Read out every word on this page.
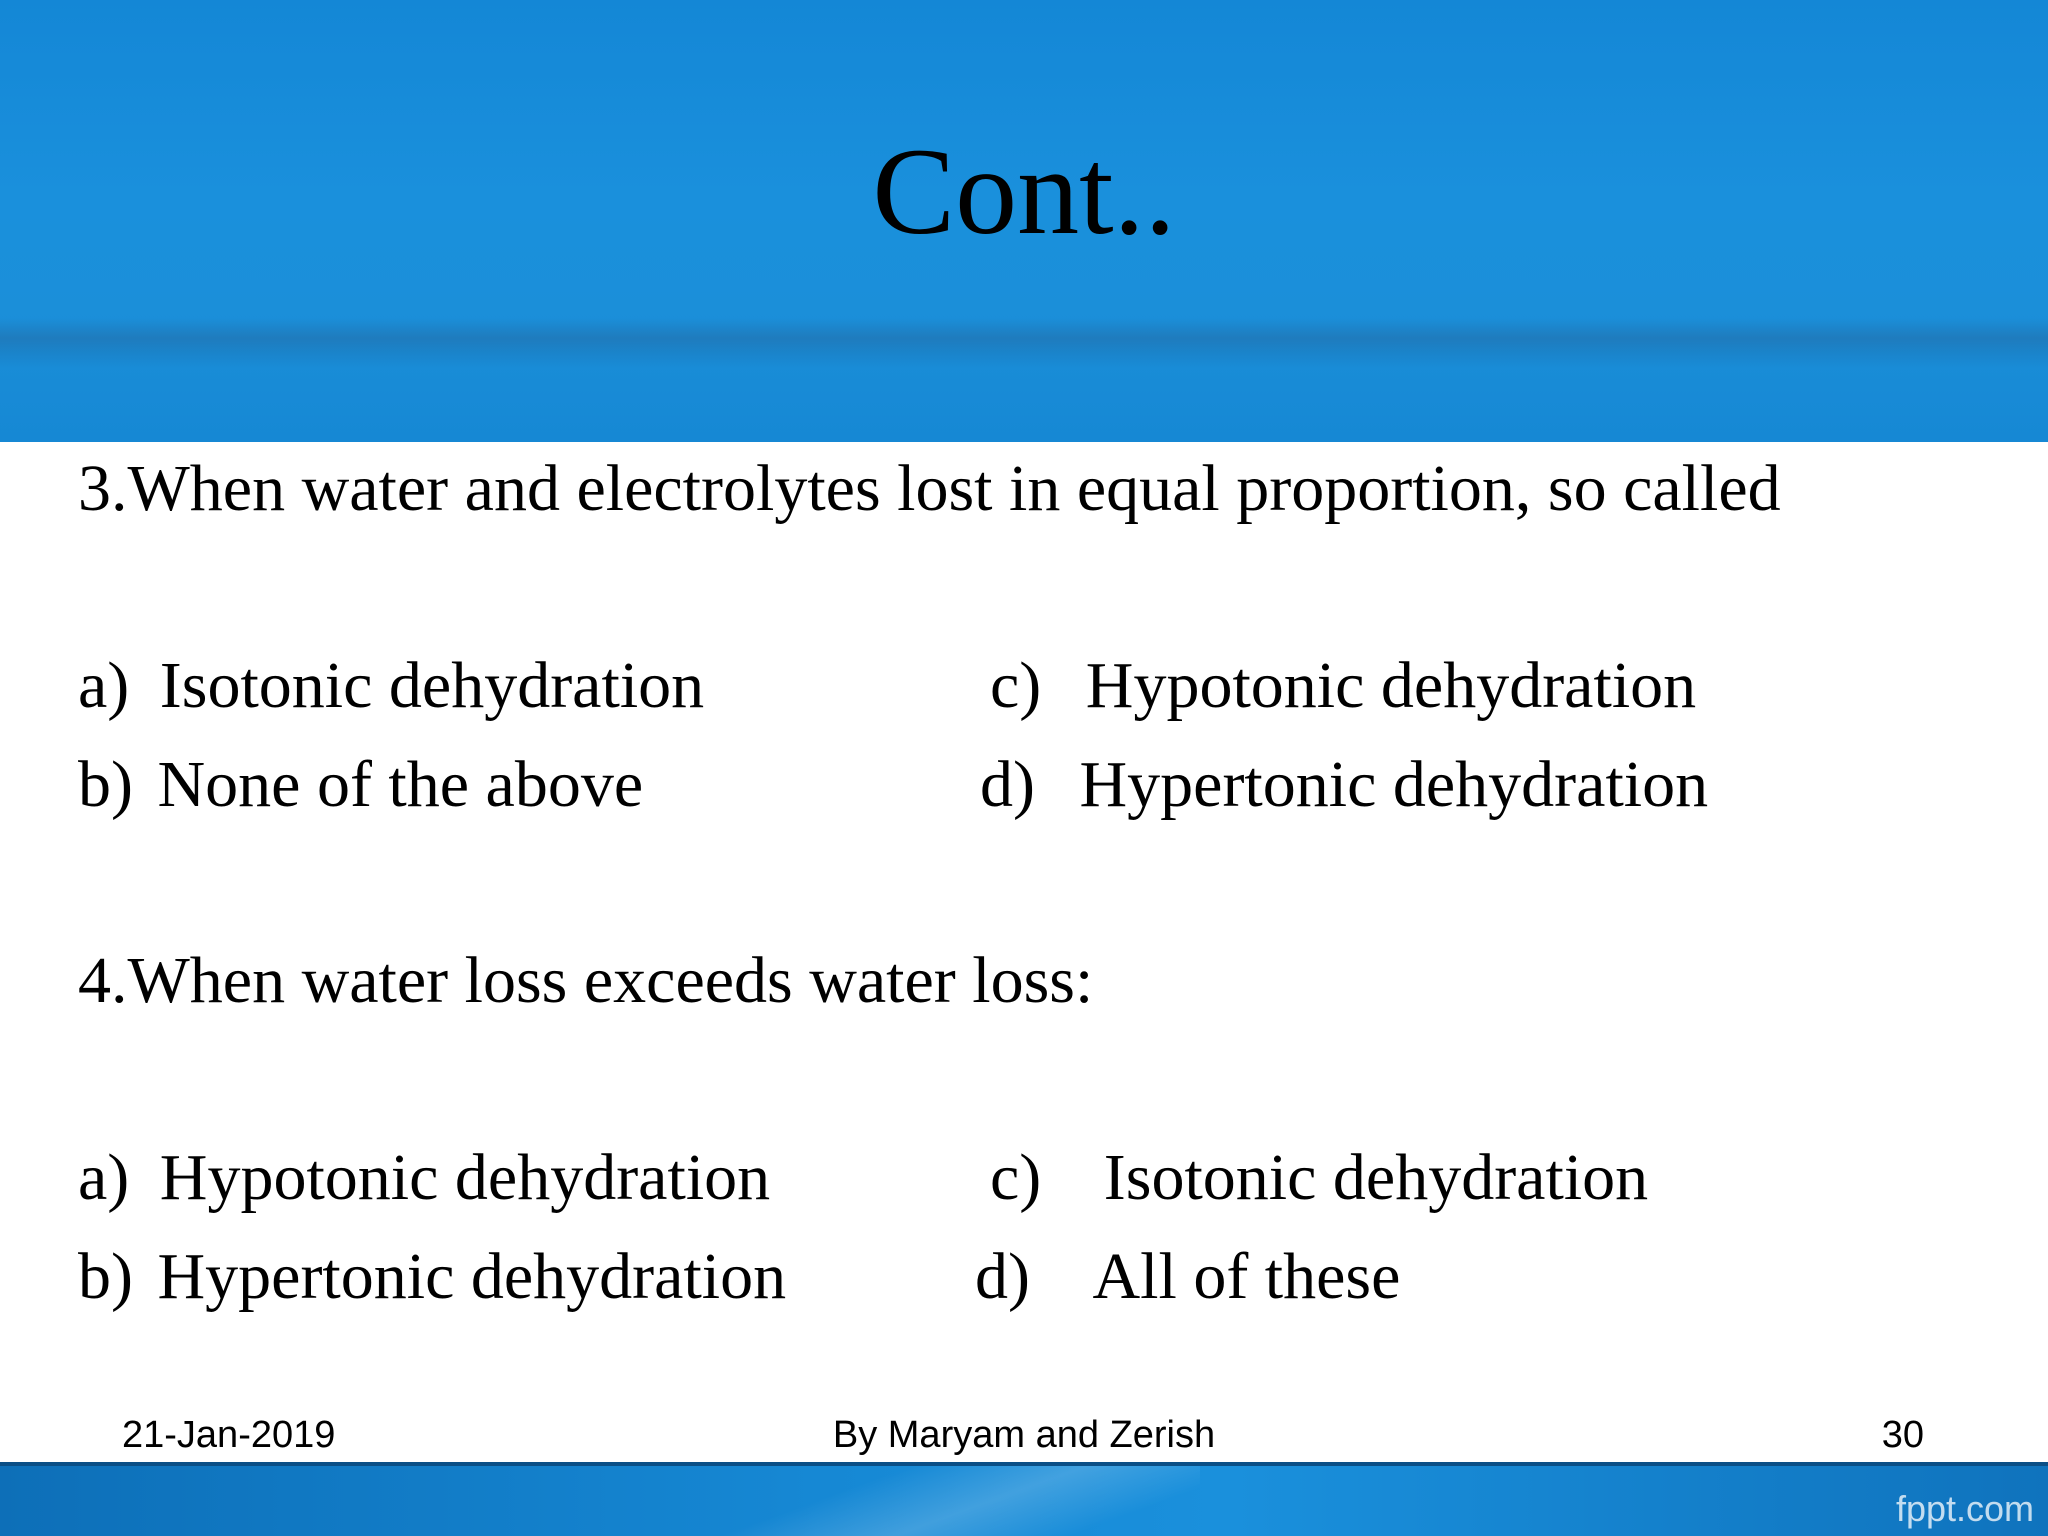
Cont..
3.When water and electrolytes lost in equal proportion, so called
a) Isotonic dehydration
b) None of the above
c) Hypotonic dehydration
d) Hypertonic dehydration
4.When water loss exceeds water loss:
a) Hypotonic dehydration
b) Hypertonic dehydration
c) Isotonic dehydration
d) All of these
21-Jan-2019	By Maryam and Zerish	30
fppt.com
